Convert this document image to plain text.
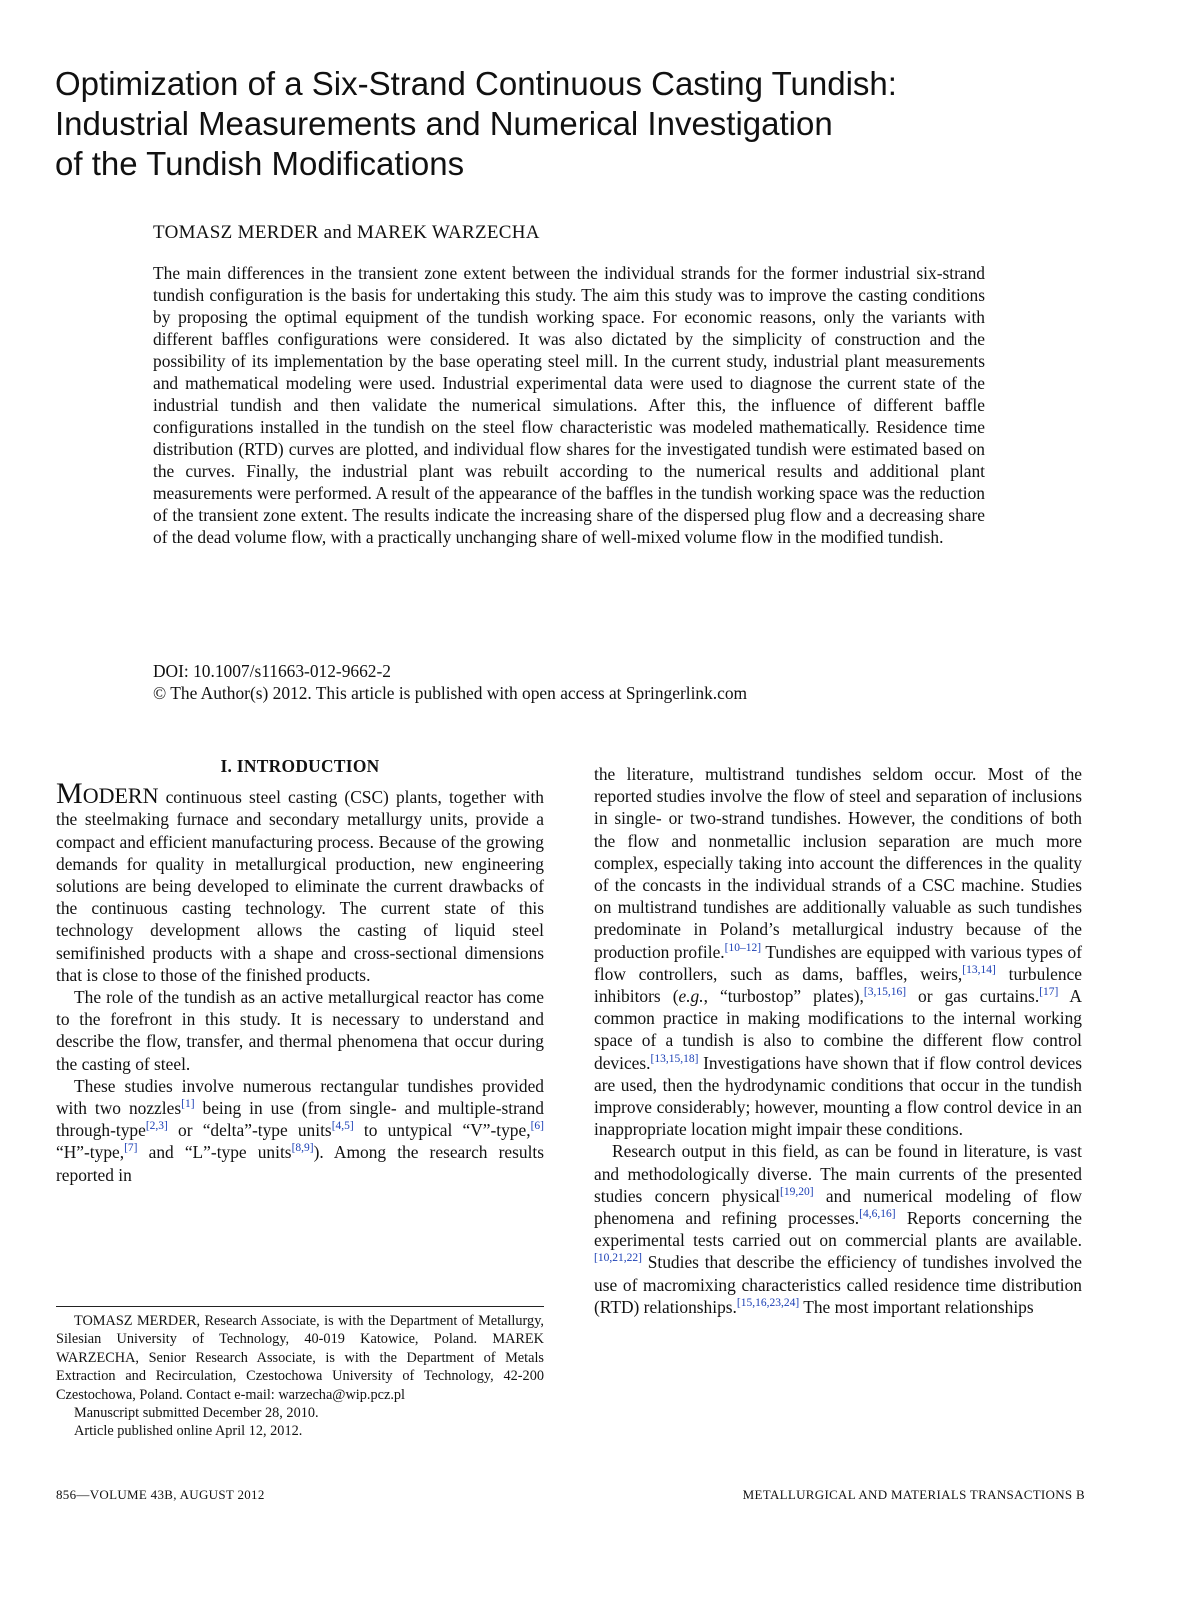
Optimization of a Six-Strand Continuous Casting Tundish:
Industrial Measurements and Numerical Investigation
of the Tundish Modifications
TOMASZ MERDER and MAREK WARZECHA
The main differences in the transient zone extent between the individual strands for the former industrial six-strand tundish configuration is the basis for undertaking this study. The aim this study was to improve the casting conditions by proposing the optimal equipment of the tundish working space. For economic reasons, only the variants with different baffles configurations were considered. It was also dictated by the simplicity of construction and the possibility of its implementation by the base operating steel mill. In the current study, industrial plant measurements and mathematical modeling were used. Industrial experimental data were used to diagnose the current state of the industrial tundish and then validate the numerical simulations. After this, the influence of different baffle configurations installed in the tundish on the steel flow characteristic was modeled mathematically. Residence time distribution (RTD) curves are plotted, and individual flow shares for the investigated tundish were estimated based on the curves. Finally, the industrial plant was rebuilt according to the numerical results and additional plant measurements were performed. A result of the appearance of the baffles in the tundish working space was the reduction of the transient zone extent. The results indicate the increasing share of the dispersed plug flow and a decreasing share of the dead volume flow, with a practically unchanging share of well-mixed volume flow in the modified tundish.
DOI: 10.1007/s11663-012-9662-2
© The Author(s) 2012. This article is published with open access at Springerlink.com
I. INTRODUCTION

MODERN continuous steel casting (CSC) plants, together with the steelmaking furnace and secondary metallurgy units, provide a compact and efficient manufacturing process. Because of the growing demands for quality in metallurgical production, new engineering solutions are being developed to eliminate the current drawbacks of the continuous casting technology. The current state of this technology development allows the casting of liquid steel semifinished products with a shape and cross-sectional dimensions that is close to those of the finished products.

The role of the tundish as an active metallurgical reactor has come to the forefront in this study. It is necessary to understand and describe the flow, transfer, and thermal phenomena that occur during the casting of steel.

These studies involve numerous rectangular tundishes provided with two nozzles[1] being in use (from single- and multiple-strand through-type[2,3] or “delta”-type units[4,5] to untypical “V”-type,[6] “H”-type,[7] and “L”-type units[8,9]). Among the research results reported in

the literature, multistrand tundishes seldom occur. Most of the reported studies involve the flow of steel and separation of inclusions in single- or two-strand tundishes. However, the conditions of both the flow and nonmetallic inclusion separation are much more complex, especially taking into account the differences in the quality of the concasts in the individual strands of a CSC machine. Studies on multistrand tundishes are additionally valuable as such tundishes predominate in Poland’s metallurgical industry because of the production profile.[10–12] Tundishes are equipped with various types of flow controllers, such as dams, baffles, weirs,[13,14] turbulence inhibitors (e.g., “turbostop” plates),[3,15,16] or gas curtains.[17] A common practice in making modifications to the internal working space of a tundish is also to combine the different flow control devices.[13,15,18] Investigations have shown that if flow control devices are used, then the hydrodynamic conditions that occur in the tundish improve considerably; however, mounting a flow control device in an inappropriate location might impair these conditions.

Research output in this field, as can be found in literature, is vast and methodologically diverse. The main currents of the presented studies concern physical[19,20] and numerical modeling of flow phenomena and refining processes.[4,6,16] Reports concerning the experimental tests carried out on commercial plants are available.[10,21,22] Studies that describe the efficiency of tundishes involved the use of macromixing characteristics called residence time distribution (RTD) relationships.[15,16,23,24] The most important relationships

TOMASZ MERDER, Research Associate, is with the Department of Metallurgy, Silesian University of Technology, 40-019 Katowice, Poland. MAREK WARZECHA, Senior Research Associate, is with the Department of Metals Extraction and Recirculation, Czestochowa University of Technology, 42-200 Czestochowa, Poland. Contact e-mail: warzecha@wip.pcz.pl

Manuscript submitted December 28, 2010.

Article published online April 12, 2012.

856—VOLUME 43B, AUGUST 2012	METALLURGICAL AND MATERIALS TRANSACTIONS B
